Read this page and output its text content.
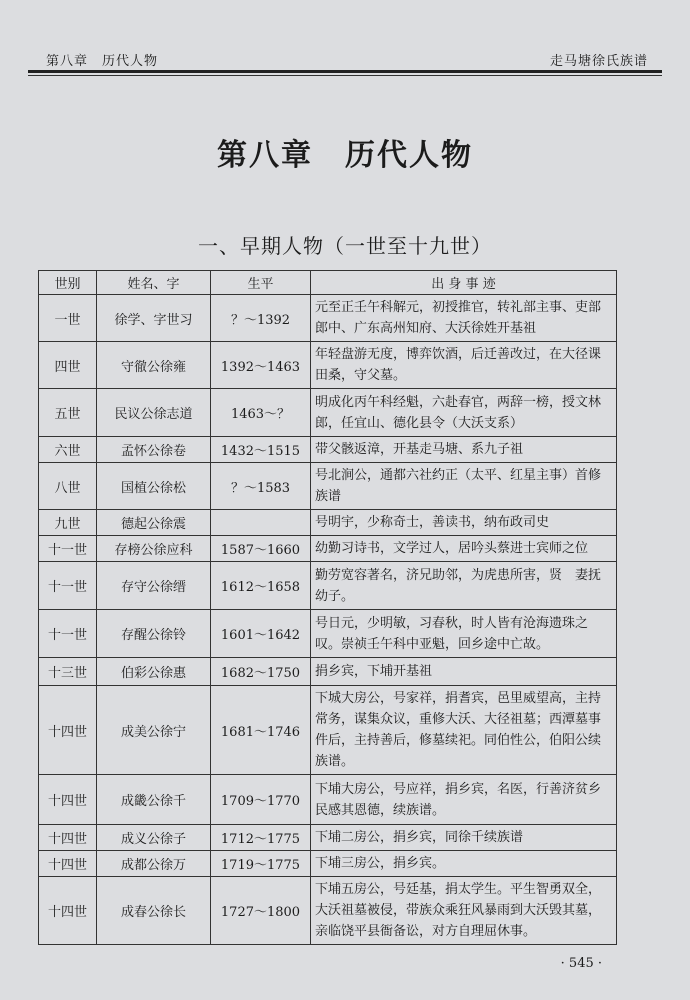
第八章　历代人物	走马塘徐氏族谱
第八章　历代人物
一、早期人物（一世至十九世）
世别	姓名、字	生平	出 身 事 迹
一世	徐学、字世习	？～1392	元至正壬午科解元，初授推官，转礼部主事、吏部郎中、广东高州知府、大沃徐姓开基祖
四世	守徹公徐雍	1392～1463	年轻盘游无度，博弈饮酒，后迁善改过，在大径课田桑，守父墓。
五世	民议公徐志道	1463～？	明成化丙午科经魁，六赴春官，两辞一榜，授文林郎，任宜山、德化县令（大沃支系）
六世	孟怀公徐卷	1432～1515	带父骸返漳，开基走马塘、系九子祖
八世	国植公徐松	？～1583	号北涧公，通都六社约正（太平、红星主事）首修族谱
九世	德起公徐震		号明宇，少称奇士，善读书，纳布政司史
十一世	存榜公徐应科	1587～1660	幼勤习诗书，文学过人，居吟头蔡进士宾师之位
十一世	存守公徐缙	1612～1658	勤劳宽容著名，济兄助邻，为虎患所害，贤　妻抚幼子。
十一世	存醒公徐铃	1601～1642	号日元，少明敏，习春秋，时人皆有沧海遗珠之叹。崇祯壬午科中亚魁，回乡途中亡故。
十三世	伯彩公徐惠	1682～1750	捐乡宾，下埔开基祖
十四世	成美公徐宁	1681～1746	下城大房公，号家祥，捐耆宾，邑里威望高，主持常务，谋集众议，重修大沃、大径祖墓；西潭墓事件后，主持善后，修墓续祀。同伯性公，伯阳公续族谱。
十四世	成畿公徐千	1709～1770	下埔大房公，号应祥，捐乡宾，名医，行善济贫乡民感其恩德，续族谱。
十四世	成义公徐子	1712～1775	下埔二房公，捐乡宾，同徐千续族谱
十四世	成都公徐万	1719～1775	下埔三房公，捐乡宾。
十四世	成春公徐长	1727～1800	下埔五房公，号廷基，捐太学生。平生智勇双全，大沃祖墓被侵，带族众乘狂风暴雨到大沃毁其墓，亲临饶平县衙备讼，对方自理屈休事。
· 545 ·
